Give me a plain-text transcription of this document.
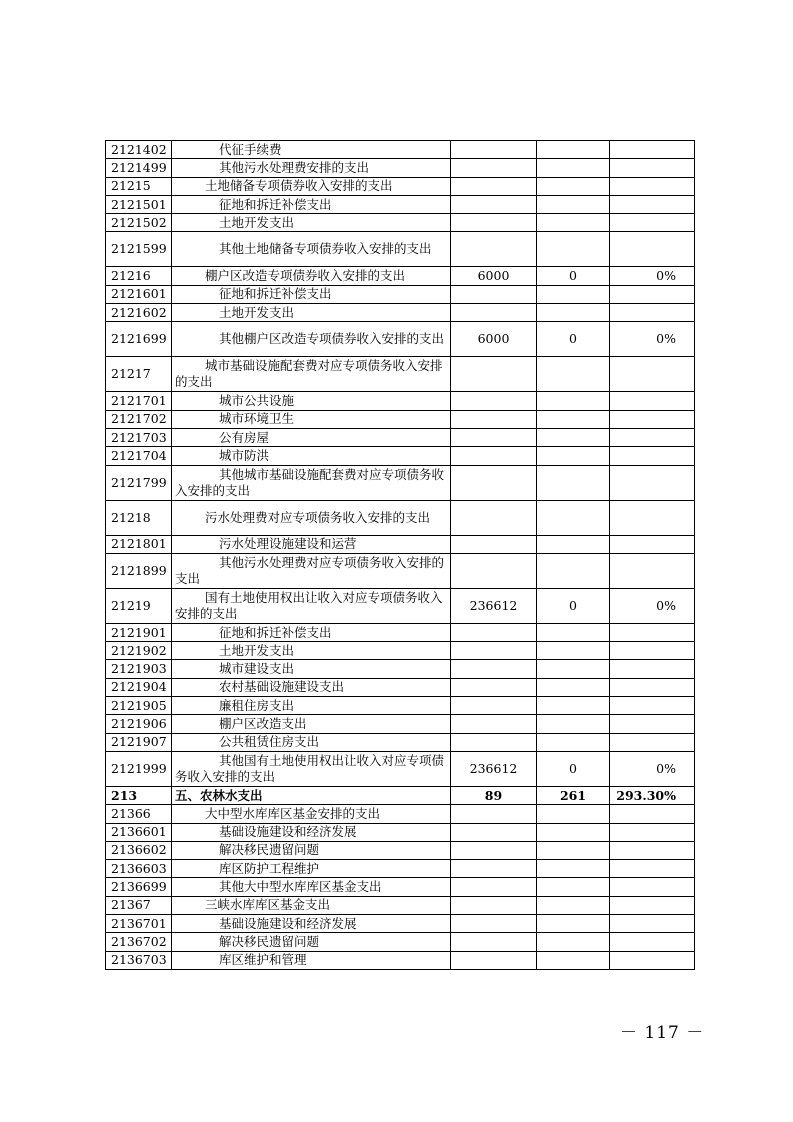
2121402	代征手续费			
2121499	其他污水处理费安排的支出			
21215	土地储备专项债券收入安排的支出			
2121501	征地和拆迁补偿支出			
2121502	土地开发支出			
2121599	其他土地储备专项债券收入安排的支出			
21216	棚户区改造专项债券收入安排的支出	6000	0	0%
2121601	征地和拆迁补偿支出			
2121602	土地开发支出			
2121699	其他棚户区改造专项债券收入安排的支出	6000	0	0%
21217	城市基础设施配套费对应专项债务收入安排的支出			
2121701	城市公共设施			
2121702	城市环境卫生			
2121703	公有房屋			
2121704	城市防洪			
2121799	其他城市基础设施配套费对应专项债务收入安排的支出			
21218	污水处理费对应专项债务收入安排的支出			
2121801	污水处理设施建设和运营			
2121899	其他污水处理费对应专项债务收入安排的支出			
21219	国有土地使用权出让收入对应专项债务收入安排的支出	236612	0	0%
2121901	征地和拆迁补偿支出			
2121902	土地开发支出			
2121903	城市建设支出			
2121904	农村基础设施建设支出			
2121905	廉租住房支出			
2121906	棚户区改造支出			
2121907	公共租赁住房支出			
2121999	其他国有土地使用权出让收入对应专项债务收入安排的支出	236612	0	0%
213	五、农林水支出	89	261	293.30%
21366	大中型水库库区基金安排的支出			
2136601	基础设施建设和经济发展			
2136602	解决移民遗留问题			
2136603	库区防护工程维护			
2136699	其他大中型水库库区基金支出			
21367	三峡水库库区基金支出			
2136701	基础设施建设和经济发展			
2136702	解决移民遗留问题			
2136703	库区维护和管理			
－ 117 －
